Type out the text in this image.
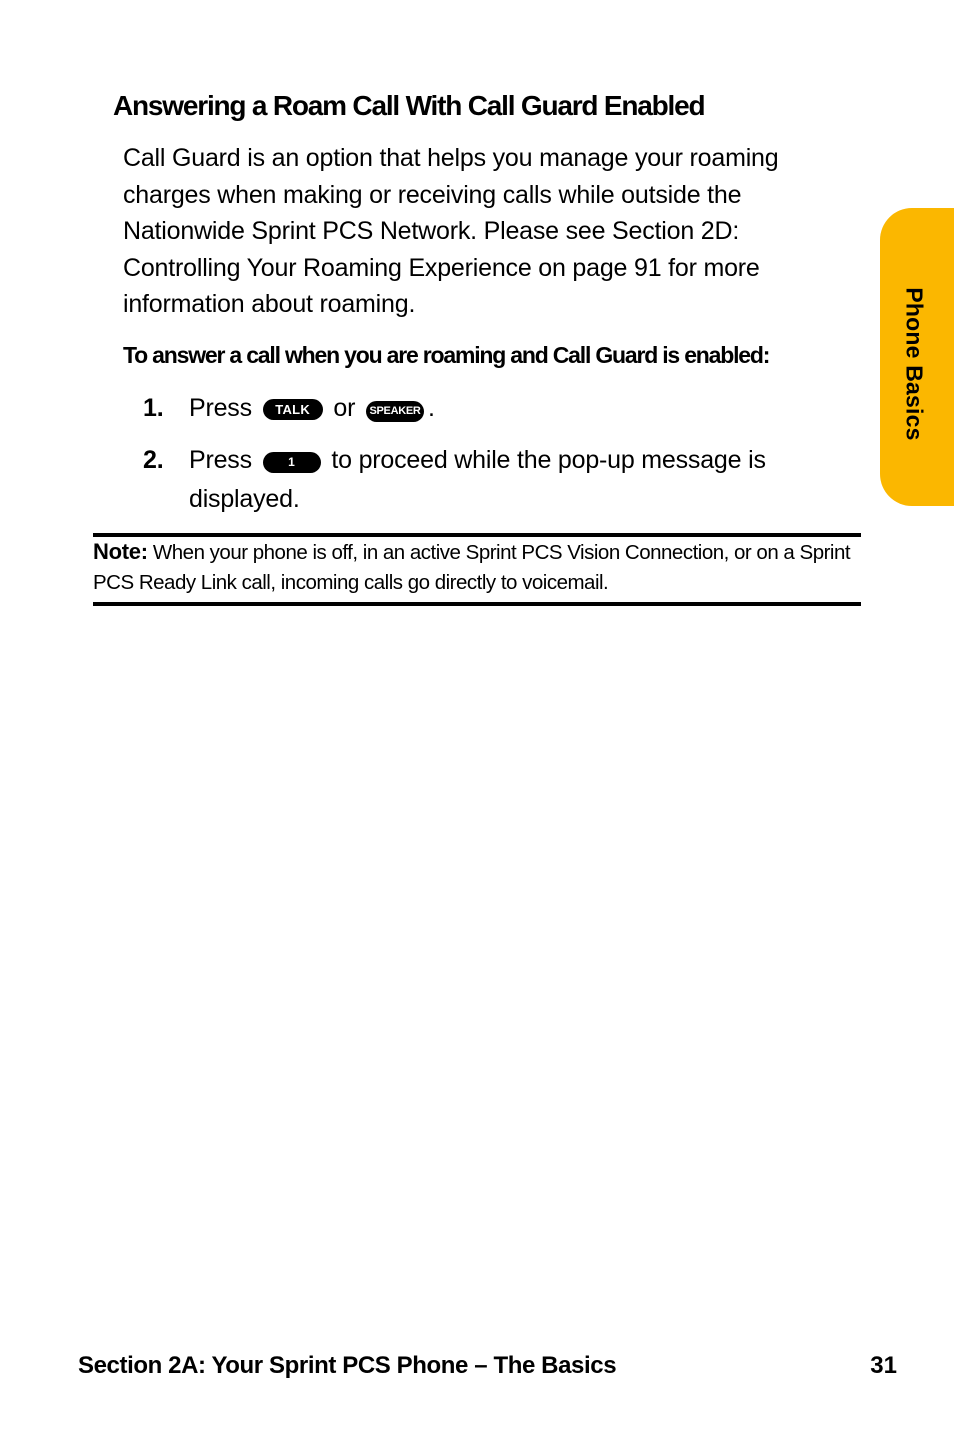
Answering a Roam Call With Call Guard Enabled
Call Guard is an option that helps you manage your roaming charges when making or receiving calls while outside the Nationwide Sprint PCS Network. Please see Section 2D: Controlling Your Roaming Experience on page 91 for more information about roaming.
To answer a call when you are roaming and Call Guard is enabled:
1. Press TALK or SPEAKER .
2. Press	1 to proceed while the pop-up message is displayed.
Note: When your phone is off, in an active Sprint PCS Vision Connection, or on a Sprint PCS Ready Link call, incoming calls go directly to voicemail.
Phone Basics
Section 2A: Your Sprint PCS Phone – The Basics	31
